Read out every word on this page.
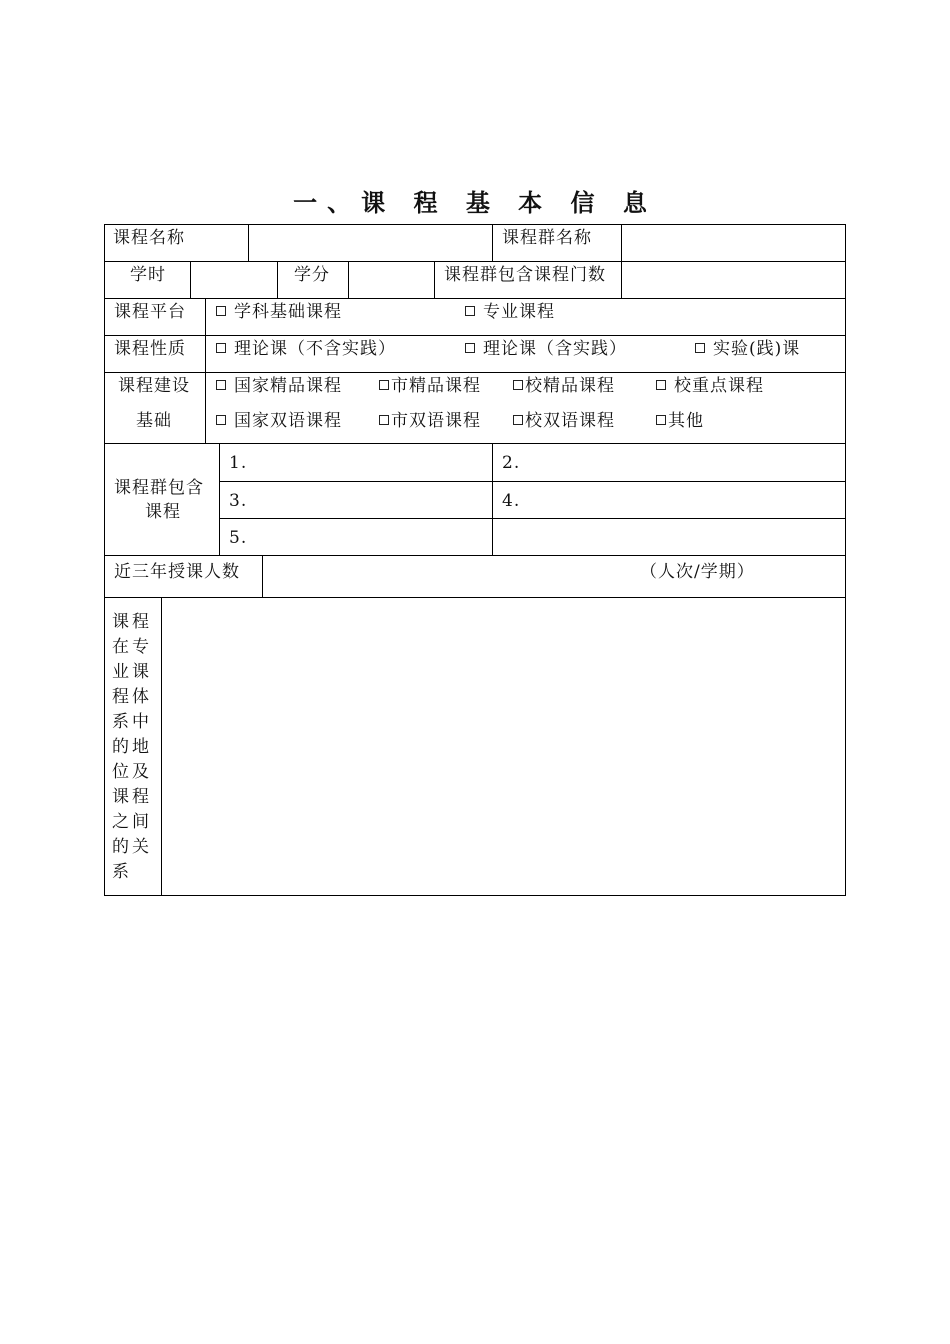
一、课 程 基 本 信 息
课程名称	课程群名称
学时	学分	课程群包含课程门数
课程平台	学科基础课程	专业课程
课程性质	理论课（不含实践）	理论课（含实践）	实验(践)课
课程建设
基础
国家精品课程	市精品课程	校精品课程	校重点课程
国家双语课程	市双语课程	校双语课程	其他
课程群包含
课程
1.	2.
3.	4.
5.
近三年授课人数	（人次/学期）
课程在专业课程体系中的地位及课程之间的关系
